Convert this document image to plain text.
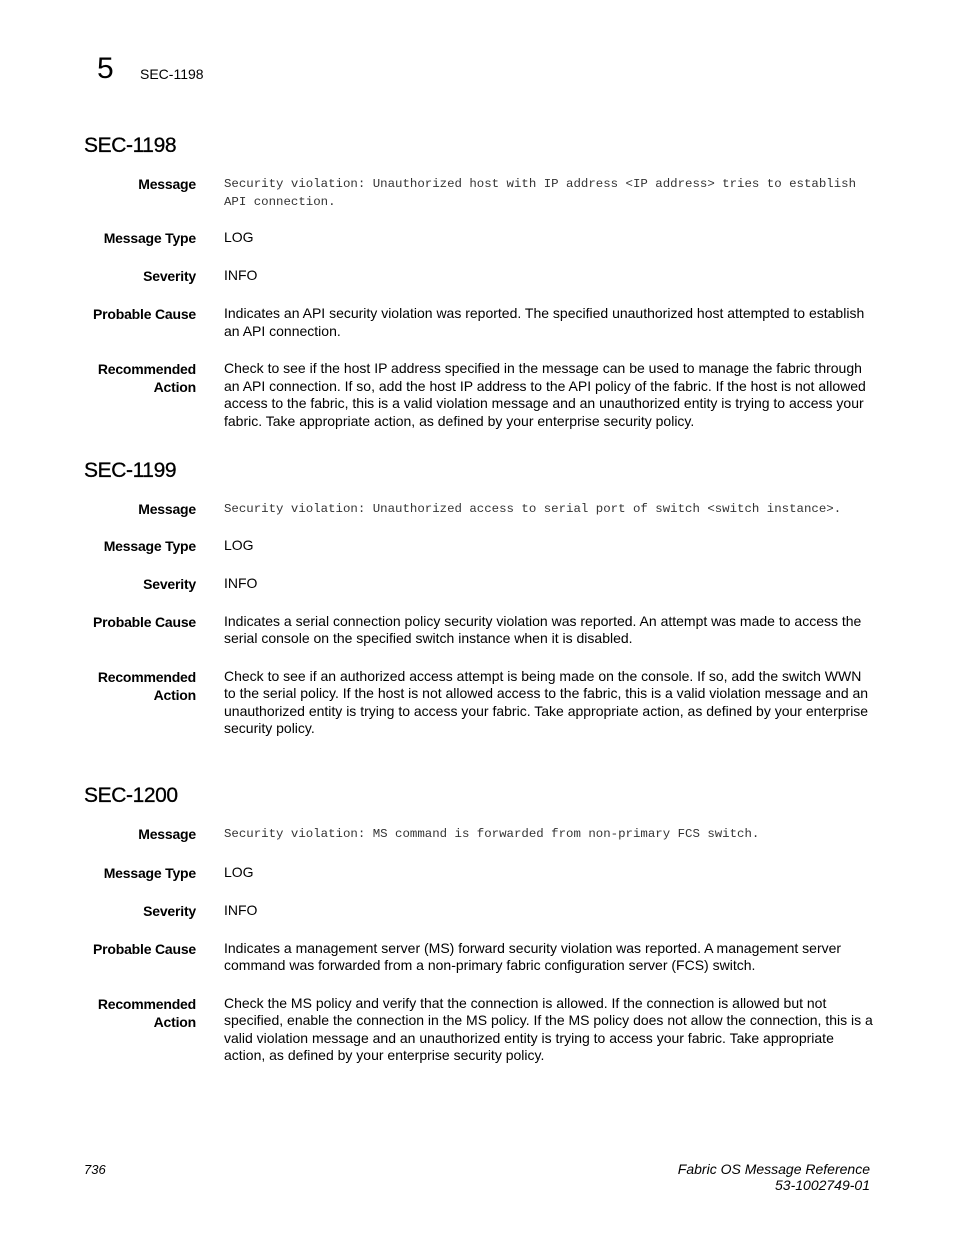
5 SEC-1198
SEC-1198
Message Security violation: Unauthorized host with IP address <IP address> tries to establish API connection.
Message Type LOG
Severity INFO
Probable Cause Indicates an API security violation was reported. The specified unauthorized host attempted to establish an API connection.
Recommended
Action
Check to see if the host IP address specified in the message can be used to manage the fabric through an API connection. If so, add the host IP address to the API policy of the fabric. If the host is not allowed access to the fabric, this is a valid violation message and an unauthorized entity is trying to access your fabric. Take appropriate action, as defined by your enterprise security policy.
SEC-1199
Message Security violation: Unauthorized access to serial port of switch <switch instance>.
Message Type LOG
Severity INFO
Probable Cause Indicates a serial connection policy security violation was reported. An attempt was made to access the serial console on the specified switch instance when it is disabled.
Recommended
Action
Check to see if an authorized access attempt is being made on the console. If so, add the switch WWN to the serial policy. If the host is not allowed access to the fabric, this is a valid violation message and an unauthorized entity is trying to access your fabric. Take appropriate action, as defined by your enterprise security policy.
SEC-1200
Message Security violation: MS command is forwarded from non-primary FCS switch.
Message Type LOG
Severity INFO
Probable Cause Indicates a management server (MS) forward security violation was reported. A management server command was forwarded from a non-primary fabric configuration server (FCS) switch.
Recommended
Action
Check the MS policy and verify that the connection is allowed. If the connection is allowed but not specified, enable the connection in the MS policy. If the MS policy does not allow the connection, this is a valid violation message and an unauthorized entity is trying to access your fabric. Take appropriate action, as defined by your enterprise security policy.
736	Fabric OS Message Reference
53-1002749-01
